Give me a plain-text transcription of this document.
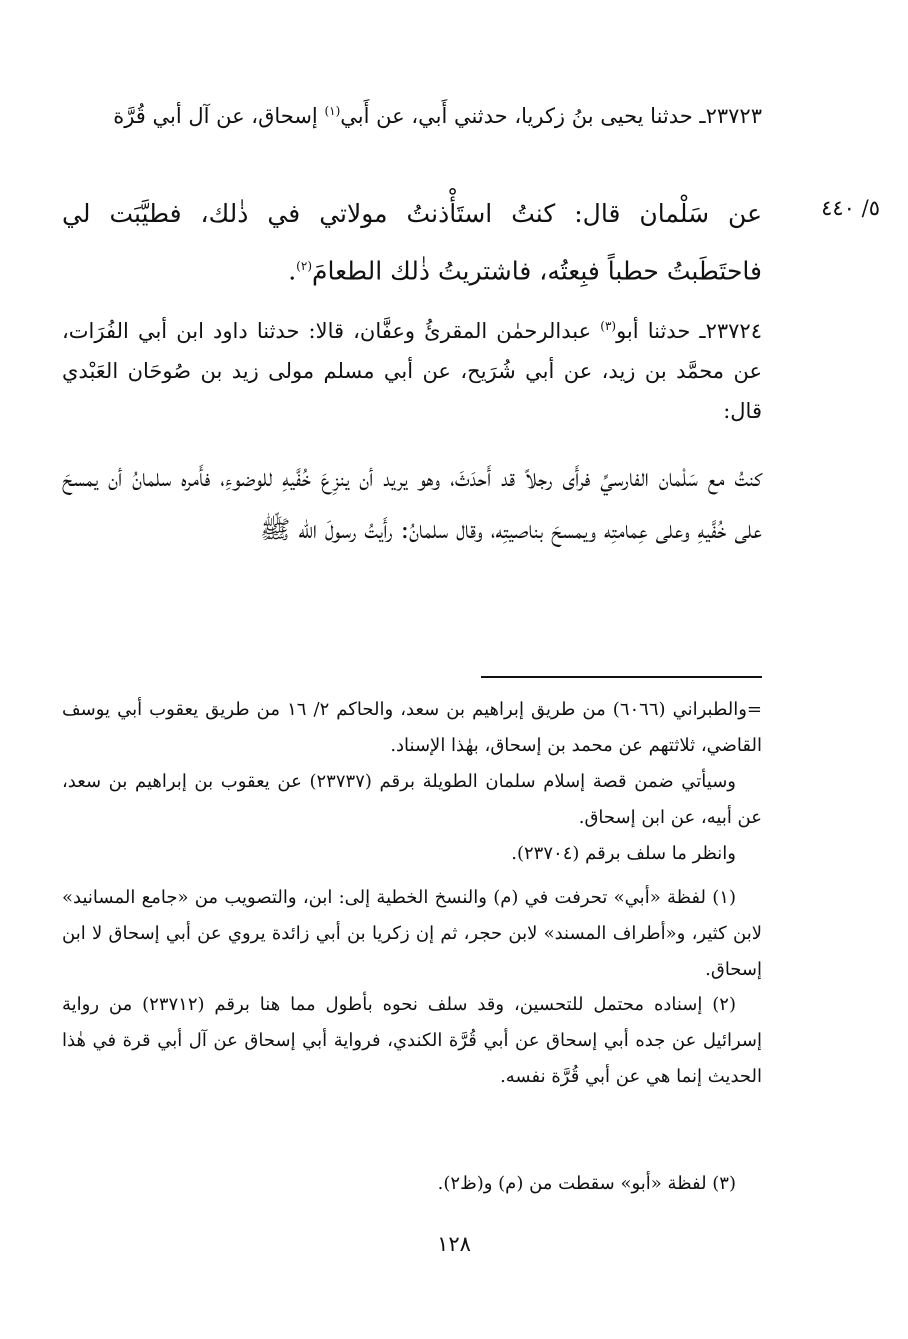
٢٣٧٢٣ـ حدثنا يحيى بنُ زكريا، حدثني أَبي، عن أَبي$^{(١)}$ إسحاق، عن آل أبي قُرَّة
٥/ ٤٤٠
عن سَلْمان قال: كنتُ استَأْذنتُ مولاتي في ذٰلك، فطيَّبَت لي فاحتَطَبتُ حطباً فبِعتُه، فاشتريتُ ذٰلك الطعامَ$^{(٢)}$.
٢٣٧٢٤ـ حدثنا أبو$^{(٣)}$ عبدالرحمٰن المقرئُ وعفَّان، قالا: حدثنا داود ابن أبي الفُرَات، عن محمَّد بن زيد، عن أبي شُرَيح، عن أبي مسلم مولى زيد بن صُوحَان العَبْدي قال:
كنتُ مع سَلْمان الفارسيِّ فرأَى رجلاً قد أَحدَثَ، وهو يريد أن ينزِعَ خُفَّيهِ للوضوءِ، فأَمره سلمانُ أن يمسحَ على خُفَّيهِ وعلى عِمامتِه ويمسحَ بناصيتِه، وقال سلمانُ: رأَيتُ رسولَ الله ﷺ
=والطبراني (٦٠٦٦) من طريق إبراهيم بن سعد، والحاكم ٢/ ١٦ من طريق يعقوب أبي يوسف القاضي، ثلاثتهم عن محمد بن إسحاق، بهٰذا الإسناد.
وسيأتي ضمن قصة إسلام سلمان الطويلة برقم (٢٣٧٣٧) عن يعقوب بن إبراهيم بن سعد، عن أبيه، عن ابن إسحاق.
وانظر ما سلف برقم (٢٣٧٠٤).
(١) لفظة «أبي» تحرفت في (م) والنسخ الخطية إلى: ابن، والتصويب من «جامع المسانيد» لابن كثير، و«أطراف المسند» لابن حجر، ثم إن زكريا بن أبي زائدة يروي عن أبي إسحاق لا ابن إسحاق.
(٢) إسناده محتمل للتحسين، وقد سلف نحوه بأطول مما هنا برقم (٢٣٧١٢) من رواية إسرائيل عن جده أبي إسحاق عن أبي قُرَّة الكندي، فرواية أبي إسحاق عن آل أبي قرة في هٰذا الحديث إنما هي عن أبي قُرَّة نفسه.
(٣) لفظة «أبو» سقطت من (م) و(ظ٢).
١٢٨
